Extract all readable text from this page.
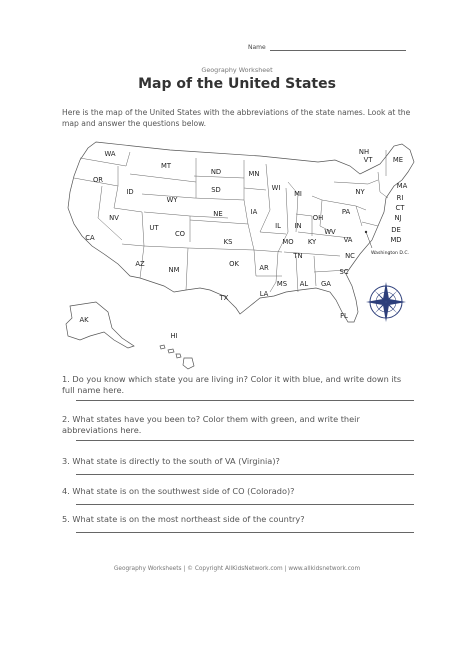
Name
Geography Worksheet
Map of the United States
Here is the map of the United States with the abbreviations of the state names. Look at the map and answer the questions below.
Washington D.C.
WA
OR
CA
NV
ID
MT
WY
UT
AZ
CO
NM
ND
SD
NE
KS
OK
TX
MN
IA
MO
AR
LA
WI
IL
MI
IN
OH
KY
TN
MS AL GA
FL
SC
NC
VA
WV
PA
NY
VT
NH
ME
MA
RI
CT
NJ
DE
MD
AK
HI
1. Do you know which state you are living in? Color it with blue, and write down its full name here.
2. What states have you been to? Color them with green, and write their abbreviations here.
3. What state is directly to the south of VA (Virginia)?
4. What state is on the southwest side of CO (Colorado)?
5. What state is on the most northeast side of the country?
Geography Worksheets | © Copyright AllKidsNetwork.com | www.allkidsnetwork.com
